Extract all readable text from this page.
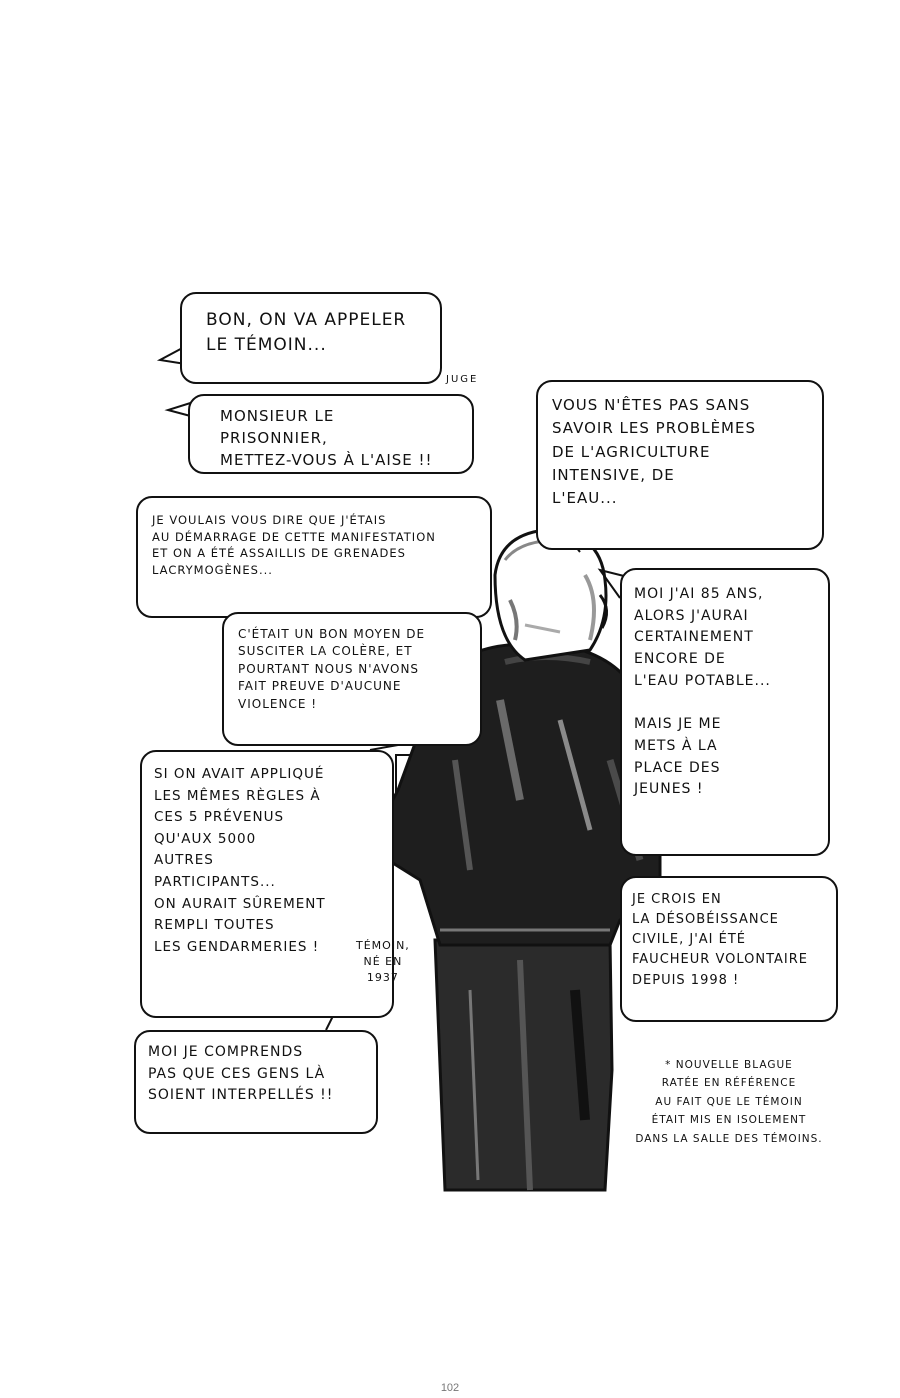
BON, ON VA APPELER
LE TÉMOIN...
JUGE
MONSIEUR LE PRISONNIER,
METTEZ-VOUS À L'AISE !!
VOUS N'ÊTES PAS SANS
SAVOIR LES PROBLÈMES
DE L'AGRICULTURE
INTENSIVE, DE
L'EAU...
JE VOULAIS VOUS DIRE QUE J'ÉTAIS
AU DÉMARRAGE DE CETTE MANIFESTATION
ET ON A ÉTÉ ASSAILLIS DE GRENADES
LACRYMOGÈNES...
MOI J'AI 85 ANS,
ALORS J'AURAI
CERTAINEMENT
ENCORE DE
L'EAU POTABLE...

MAIS JE ME
METS À LA
PLACE DES
JEUNES !
C'ÉTAIT UN BON MOYEN DE
SUSCITER LA COLÈRE, ET
POURTANT NOUS N'AVONS
FAIT PREUVE D'AUCUNE
VIOLENCE !
SI ON AVAIT APPLIQUÉ
LES MÊMES RÈGLES À
CES 5 PRÉVENUS
QU'AUX 5000
AUTRES
PARTICIPANTS...
ON AURAIT SÛREMENT
REMPLI TOUTES
LES GENDARMERIES !	TÉMOIN,
NÉ EN
1937
JE CROIS EN
LA DÉSOBÉISSANCE
CIVILE, J'AI ÉTÉ
FAUCHEUR VOLONTAIRE
DEPUIS 1998 !
MOI JE COMPRENDS
PAS QUE CES GENS LÀ
SOIENT INTERPELLÉS !!
* NOUVELLE BLAGUE
RATÉE EN RÉFÉRENCE
AU FAIT QUE LE TÉMOIN
ÉTAIT MIS EN ISOLEMENT
DANS LA SALLE DES TÉMOINS.
102
